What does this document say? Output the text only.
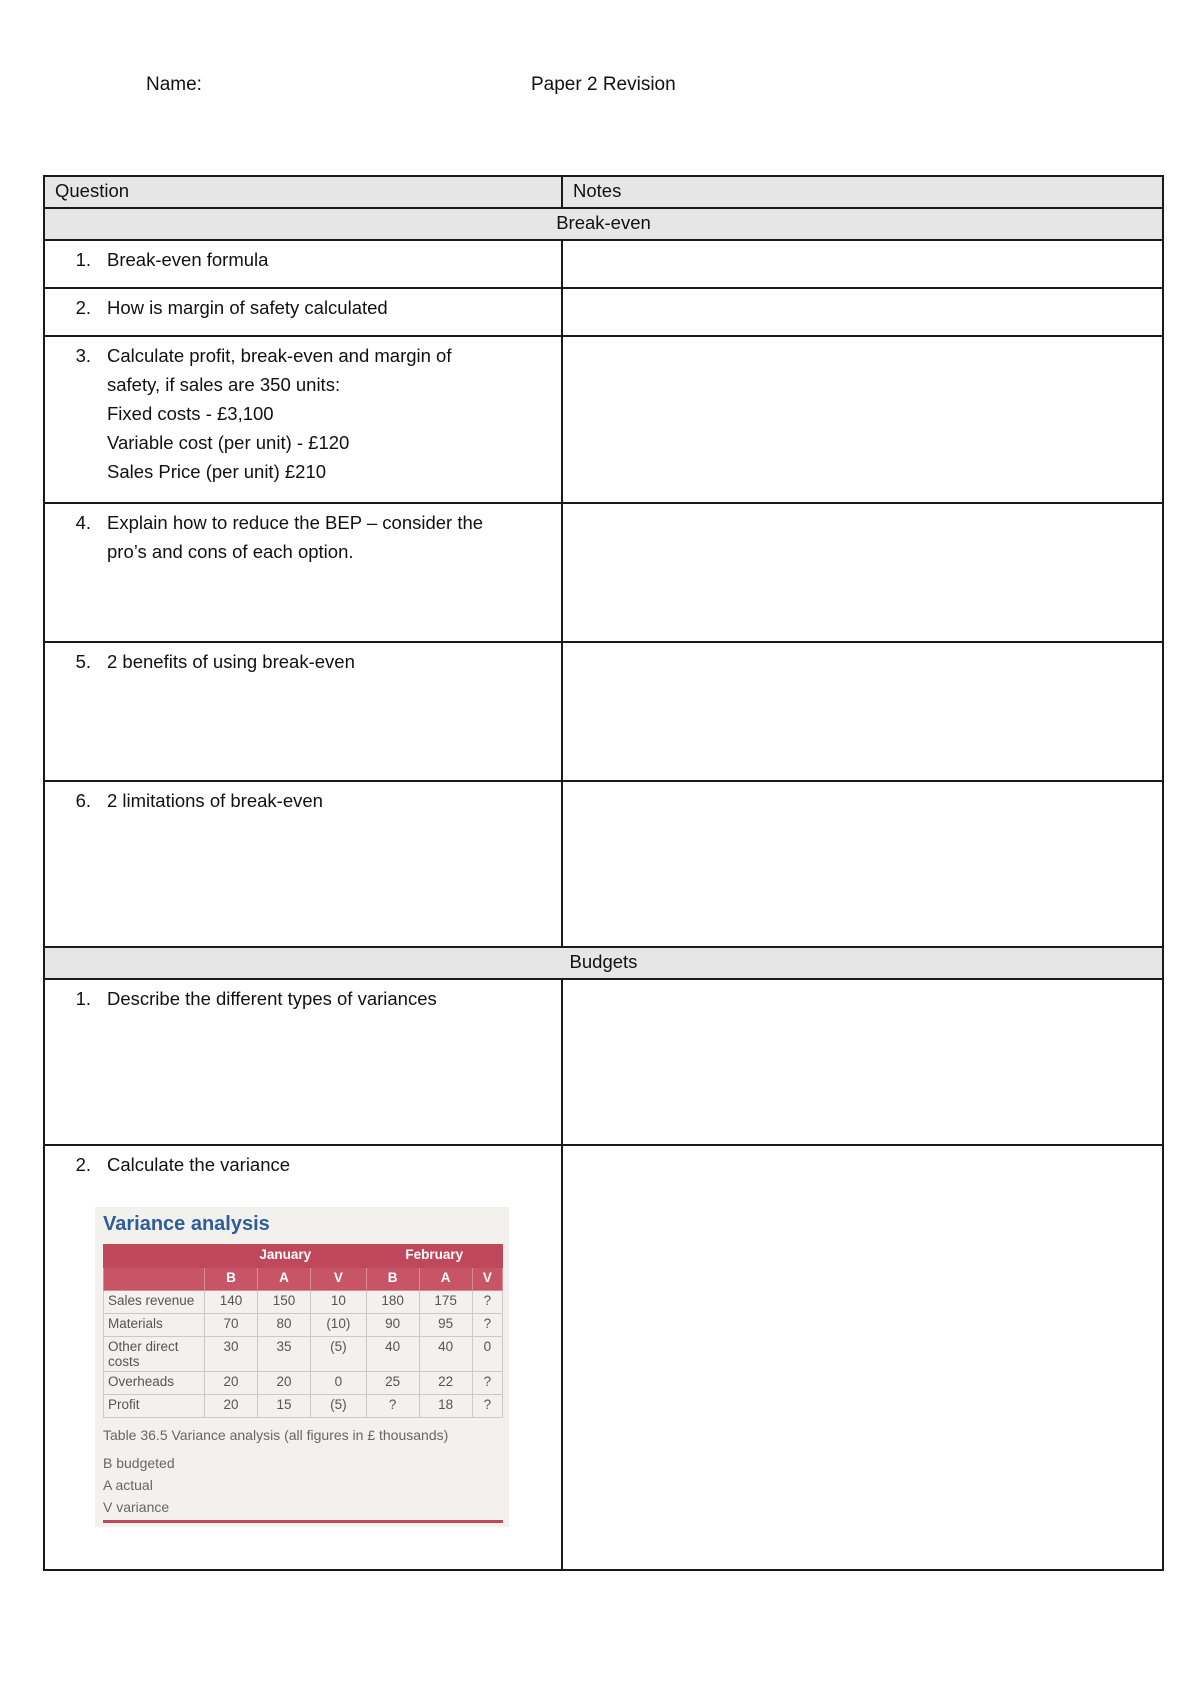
Name:	Paper 2 Revision
Question	Notes
Break-even

1. Break-even formula

2. How is margin of safety calculated

3. Calculate profit, break-even and margin of
safety, if sales are 350 units:
Fixed costs - £3,100
Variable cost (per unit) - £120
Sales Price (per unit) £210

4. Explain how to reduce the BEP – consider the
pro’s and cons of each option.

5. 2 benefits of using break-even

6. 2 limitations of break-even

Budgets

1. Describe the different types of variances

2. Calculate the variance
Variance analysis
	January	February
	B	A	V	B	A	V
Sales revenue	140	150	10	180	175	?
Materials	70	80	(10)	90	95	?
Other direct costs	30	35	(5)	40	40	0
Overheads	20	20	0	25	22	?
Profit	20	15	(5)	?	18	?
Table 36.5 Variance analysis (all figures in £ thousands)
B budgeted
A actual
V variance
